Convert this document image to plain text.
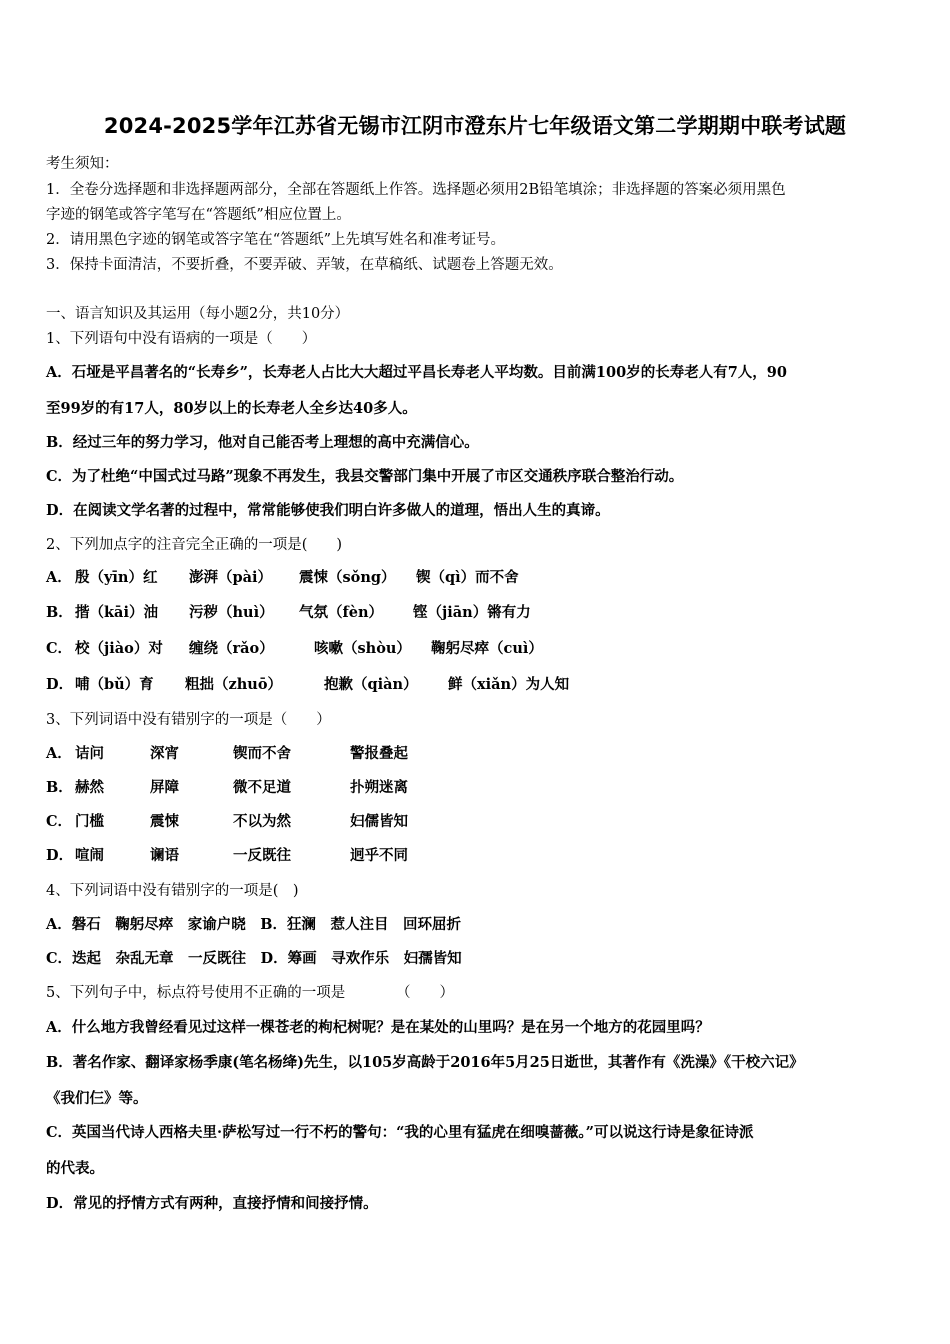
2024-2025学年江苏省无锡市江阴市澄东片七年级语文第二学期期中联考试题
考生须知：
1．全卷分选择题和非选择题两部分，全部在答题纸上作答。选择题必须用2B铅笔填涂；非选择题的答案必须用黑色
字迹的钢笔或答字笔写在“答题纸”相应位置上。
2．请用黑色字迹的钢笔或答字笔在“答题纸”上先填写姓名和准考证号。
3．保持卡面清洁，不要折叠，不要弄破、弄皱，在草稿纸、试题卷上答题无效。
一、语言知识及其运用（每小题2分，共10分）
1、下列语句中没有语病的一项是（　　）
A．石垭是平昌著名的“长寿乡”，长寿老人占比大大超过平昌长寿老人平均数。目前满100岁的长寿老人有7人，90
至99岁的有17人，80岁以上的长寿老人全乡达40多人。
B．经过三年的努力学习，他对自己能否考上理想的高中充满信心。
C．为了杜绝“中国式过马路”现象不再发生，我县交警部门集中开展了市区交通秩序联合整治行动。
D．在阅读文学名著的过程中，常常能够使我们明白许多做人的道理，悟出人生的真谛。
2、下列加点字的注音完全正确的一项是(　　)
A． 殷（yīn）红 澎湃（pài） 震悚（sǒng） 锲（qì）而不舍
B． 揩（kāi）油 污秽（huì） 气氛（fèn） 铿（jiān）锵有力
C． 校（jiào）对 缠绕（rǎo）	咳嗽（shòu） 鞠躬尽瘁（cuì）
D． 哺（bǔ）育 粗拙（zhuō）	抱歉（qiàn） 鲜（xiǎn）为人知
3、下列词语中没有错别字的一项是（　　）
A． 诘问	深宵	锲而不舍	警报叠起
B． 赫然	屏障	微不足道	扑朔迷离
C． 门槛	震悚	不以为然	妇儒皆知
D． 喧闹	谰语	一反既往	迥乎不同
4、下列词语中没有错别字的一项是(　)
A．磐石　鞠躬尽瘁　家谕户晓　B．狂澜　惹人注目　回环屈折
C．迭起　杂乱无章　一反既往　D．筹画　寻欢作乐　妇孺皆知
5、下列句子中，标点符号使用不正确的一项是　　　　（　　）
A．什么地方我曾经看见过这样一棵苍老的枸杞树呢？是在某处的山里吗？是在另一个地方的花园里吗？
B．著名作家、翻译家杨季康(笔名杨绛)先生，以105岁高龄于2016年5月25日逝世，其著作有《洗澡》《干校六记》
《我们仨》等。
C．英国当代诗人西格夫里·萨松写过一行不朽的警句：“我的心里有猛虎在细嗅蔷薇。”可以说这行诗是象征诗派
的代表。
D．常见的抒情方式有两种，直接抒情和间接抒情。
